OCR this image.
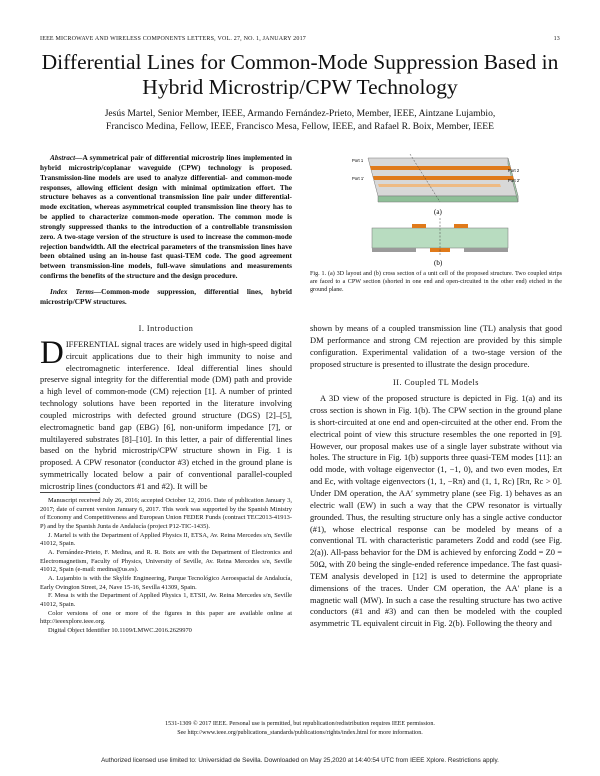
IEEE MICROWAVE AND WIRELESS COMPONENTS LETTERS, VOL. 27, NO. 1, JANUARY 2017	13
Differential Lines for Common-Mode Suppression Based in Hybrid Microstrip/CPW Technology
Jesús Martel, Senior Member, IEEE, Armando Fernández-Prieto, Member, IEEE, Aintzane Lujambio,
Francisco Medina, Fellow, IEEE, Francisco Mesa, Fellow, IEEE, and Rafael R. Boix, Member, IEEE

Abstract—A symmetrical pair of differential microstrip lines implemented in hybrid microstrip/coplanar waveguide (CPW) technology is proposed. Transmission-line models are used to analyze differential- and common-mode responses, allowing efficient design with minimal optimization effort. The structure behaves as a conventional transmission line pair under differential-mode excitation, whereas asymmetrical coupled transmission line theory has to be applied to characterize common-mode operation. The common mode is strongly suppressed thanks to the introduction of a controllable transmission zero. A two-stage version of the structure is used to increase the common-mode rejection bandwidth. All the electrical parameters of the transmission lines have been obtained using an in-house fast quasi-TEM code. The good agreement between transmission-line models, full-wave simulations and measurements confirms the benefits of the structure and the design procedure.

Index Terms—Common-mode suppression, differential lines, hybrid microstrip/CPW structures.

I. Introduction

DIFFERENTIAL signal traces are widely used in high-speed digital circuit applications due to their high immunity to noise and electromagnetic interference. Ideal differential lines should preserve signal integrity for the differential mode (DM) path and provide a high level of common-mode (CM) rejection [1]. A number of printed technology solutions have been reported in the literature involving coupled microstrips with defected ground structure (DGS) [2]–[5], electromagnetic band gap (EBG) [6], non-uniform impedance [7], or multilayered substrates [8]–[10]. In this letter, a pair of differential lines based on the hybrid microstrip/CPW structure shown in Fig. 1 is proposed. A CPW resonator (conductor #3) etched in the ground plane is symmetrically located below a pair of conventional parallel-coupled microstrip lines (conductors #1 and #2). It will be

Manuscript received July 26, 2016; accepted October 12, 2016. Date of publication January 3, 2017; date of current version January 6, 2017. This work was supported by the Spanish Ministry of Economy and Competitiveness and European Union FEDER Funds (contract TEC2013-41913-P) and by the Spanish Junta de Andalucía (project P12-TIC-1435).

J. Martel is with the Department of Applied Physics II, ETSA, Av. Reina Mercedes s/n, Seville 41012, Spain.

A. Fernández-Prieto, F. Medina, and R. R. Boix are with the Department of Electronics and Electromagnetism, Faculty of Physics, University of Seville, Av. Reina Mercedes s/n, Seville 41012, Spain (e-mail: medina@us.es).

A. Lujambio is with the Skylife Engineering, Parque Tecnológico Aeroespacial de Andalucía, Early Ovington Street, 24, Nave 15-16, Sevilla 41309, Spain.

F. Mesa is with the Department of Applied Physics 1, ETSII, Av. Reina Mercedes s/n, Seville 41012, Spain.

Color versions of one or more of the figures in this paper are available online at http://ieeexplore.ieee.org.

Digital Object Identifier 10.1109/LMWC.2016.2629970

Port 1
Port 1'
Port 2
Port 2'
(a)
(b)
Fig. 1. (a) 3D layout and (b) cross section of a unit cell of the proposed structure. Two coupled strips are faced to a CPW section (shorted in one end and open-circuited in the other end) etched in the ground plane.

shown by means of a coupled transmission line (TL) analysis that good DM performance and strong CM rejection are provided by this simple configuration. Experimental validation of a two-stage version of the proposed structure is presented to illustrate the design procedure.

II. Coupled TL Models

A 3D view of the proposed structure is depicted in Fig. 1(a) and its cross section is shown in Fig. 1(b). The CPW section in the ground plane is short-circuited at one end and open-circuited at the other end. From the electrical point of view this structure resembles the one reported in [9]. However, our proposal makes use of a single layer substrate without via holes. The structure in Fig. 1(b) supports three quasi-TEM modes [11]: an odd mode, with voltage eigenvector (1, −1, 0), and two even modes, Eπ and Ec, with voltage eigenvectors (1, 1, −Rπ) and (1, 1, Rc) [Rπ, Rc > 0]. Under DM operation, the AA′ symmetry plane (see Fig. 1) behaves as an electric wall (EW) in such a way that the CPW resonator is virtually grounded. Thus, the resulting structure only has a single active conductor (#1), whose electrical response can be modeled by means of a conventional TL with characteristic parameters Zodd and εodd (see Fig. 2(a)). All-pass behavior for the DM is achieved by enforcing Zodd = Z0 = 50Ω, with Z0 being the single-ended reference impedance. The fast quasi-TEM analysis developed in [12] is used to determine the appropriate dimensions of the traces. Under CM operation, the AA′ plane is a magnetic wall (MW). In such a case the resulting structure has two active conductors (#1 and #3) and can then be modeled with the coupled asymmetric TL equivalent circuit in Fig. 2(b). Following the theory and

1531-1309 © 2017 IEEE. Personal use is permitted, but republication/redistribution requires IEEE permission.
See http://www.ieee.org/publications_standards/publications/rights/index.html for more information.
Authorized licensed use limited to: Universidad de Sevilla. Downloaded on May 25,2020 at 14:40:54 UTC from IEEE Xplore. Restrictions apply.
